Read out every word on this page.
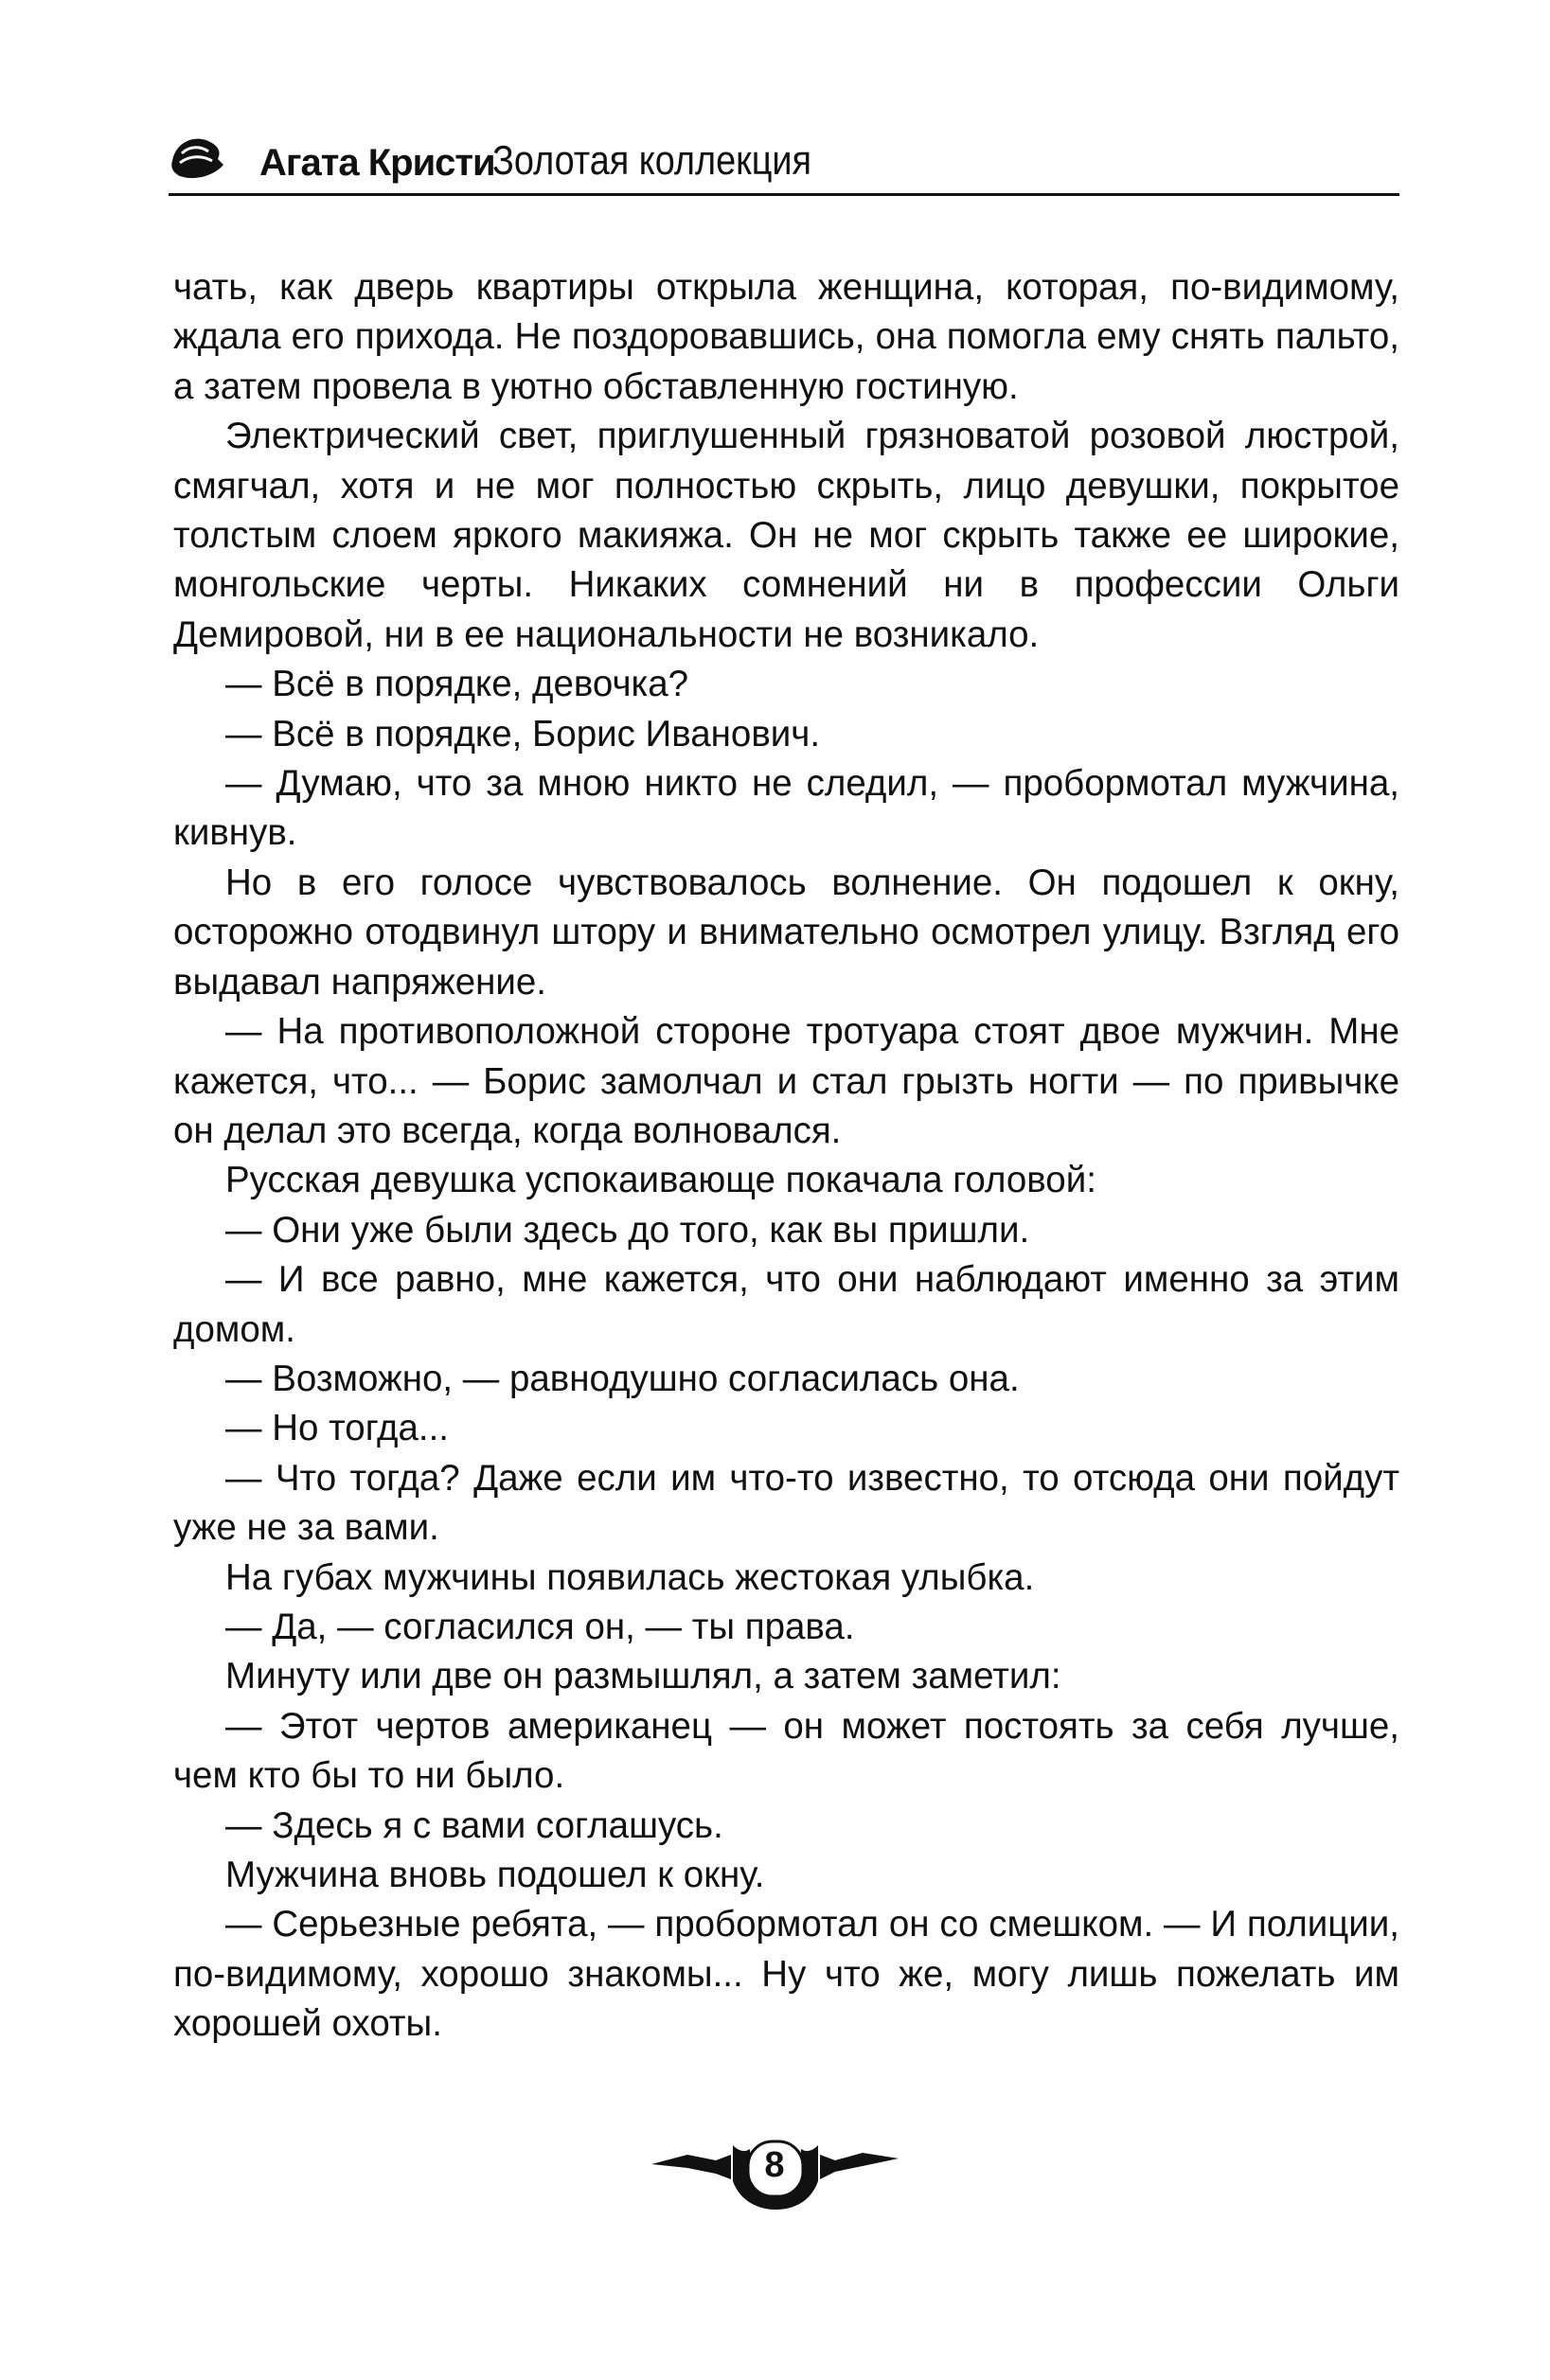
Агата Кристи
Золотая коллекция

чать, как дверь квартиры открыла женщина, которая, по-видимому, ждала его прихода. Не поздоровавшись, она помогла ему снять пальто, а затем провела в уютно обставленную гостиную.

Электрический свет, приглушенный грязноватой розовой люстрой, смягчал, хотя и не мог полностью скрыть, лицо девушки, покрытое толстым слоем яркого макияжа. Он не мог скрыть также ее широкие, монгольские черты. Никаких сомнений ни в профессии Ольги Демировой, ни в ее национальности не возникало.

— Всё в порядке, девочка?

— Всё в порядке, Борис Иванович.

— Думаю, что за мною никто не следил, — пробормотал мужчина, кивнув.

Но в его голосе чувствовалось волнение. Он подошел к окну, осторожно отодвинул штору и внимательно осмотрел улицу. Взгляд его выдавал напряжение.

— На противоположной стороне тротуара стоят двое мужчин. Мне кажется, что... — Борис замолчал и стал грызть ногти — по привычке он делал это всегда, когда волновался.

Русская девушка успокаивающе покачала головой:

— Они уже были здесь до того, как вы пришли.

— И все равно, мне кажется, что они наблюдают именно за этим домом.

— Возможно, — равнодушно согласилась она.

— Но тогда...

— Что тогда? Даже если им что-то известно, то отсюда они пойдут уже не за вами.

На губах мужчины появилась жестокая улыбка.

— Да, — согласился он, — ты права.

Минуту или две он размышлял, а затем заметил:

— Этот чертов американец — он может постоять за себя лучше, чем кто бы то ни было.

— Здесь я с вами соглашусь.

Мужчина вновь подошел к окну.

— Серьезные ребята, — пробормотал он со смешком. — И полиции, по-видимому, хорошо знакомы... Ну что же, могу лишь пожелать им хорошей охоты.

8
